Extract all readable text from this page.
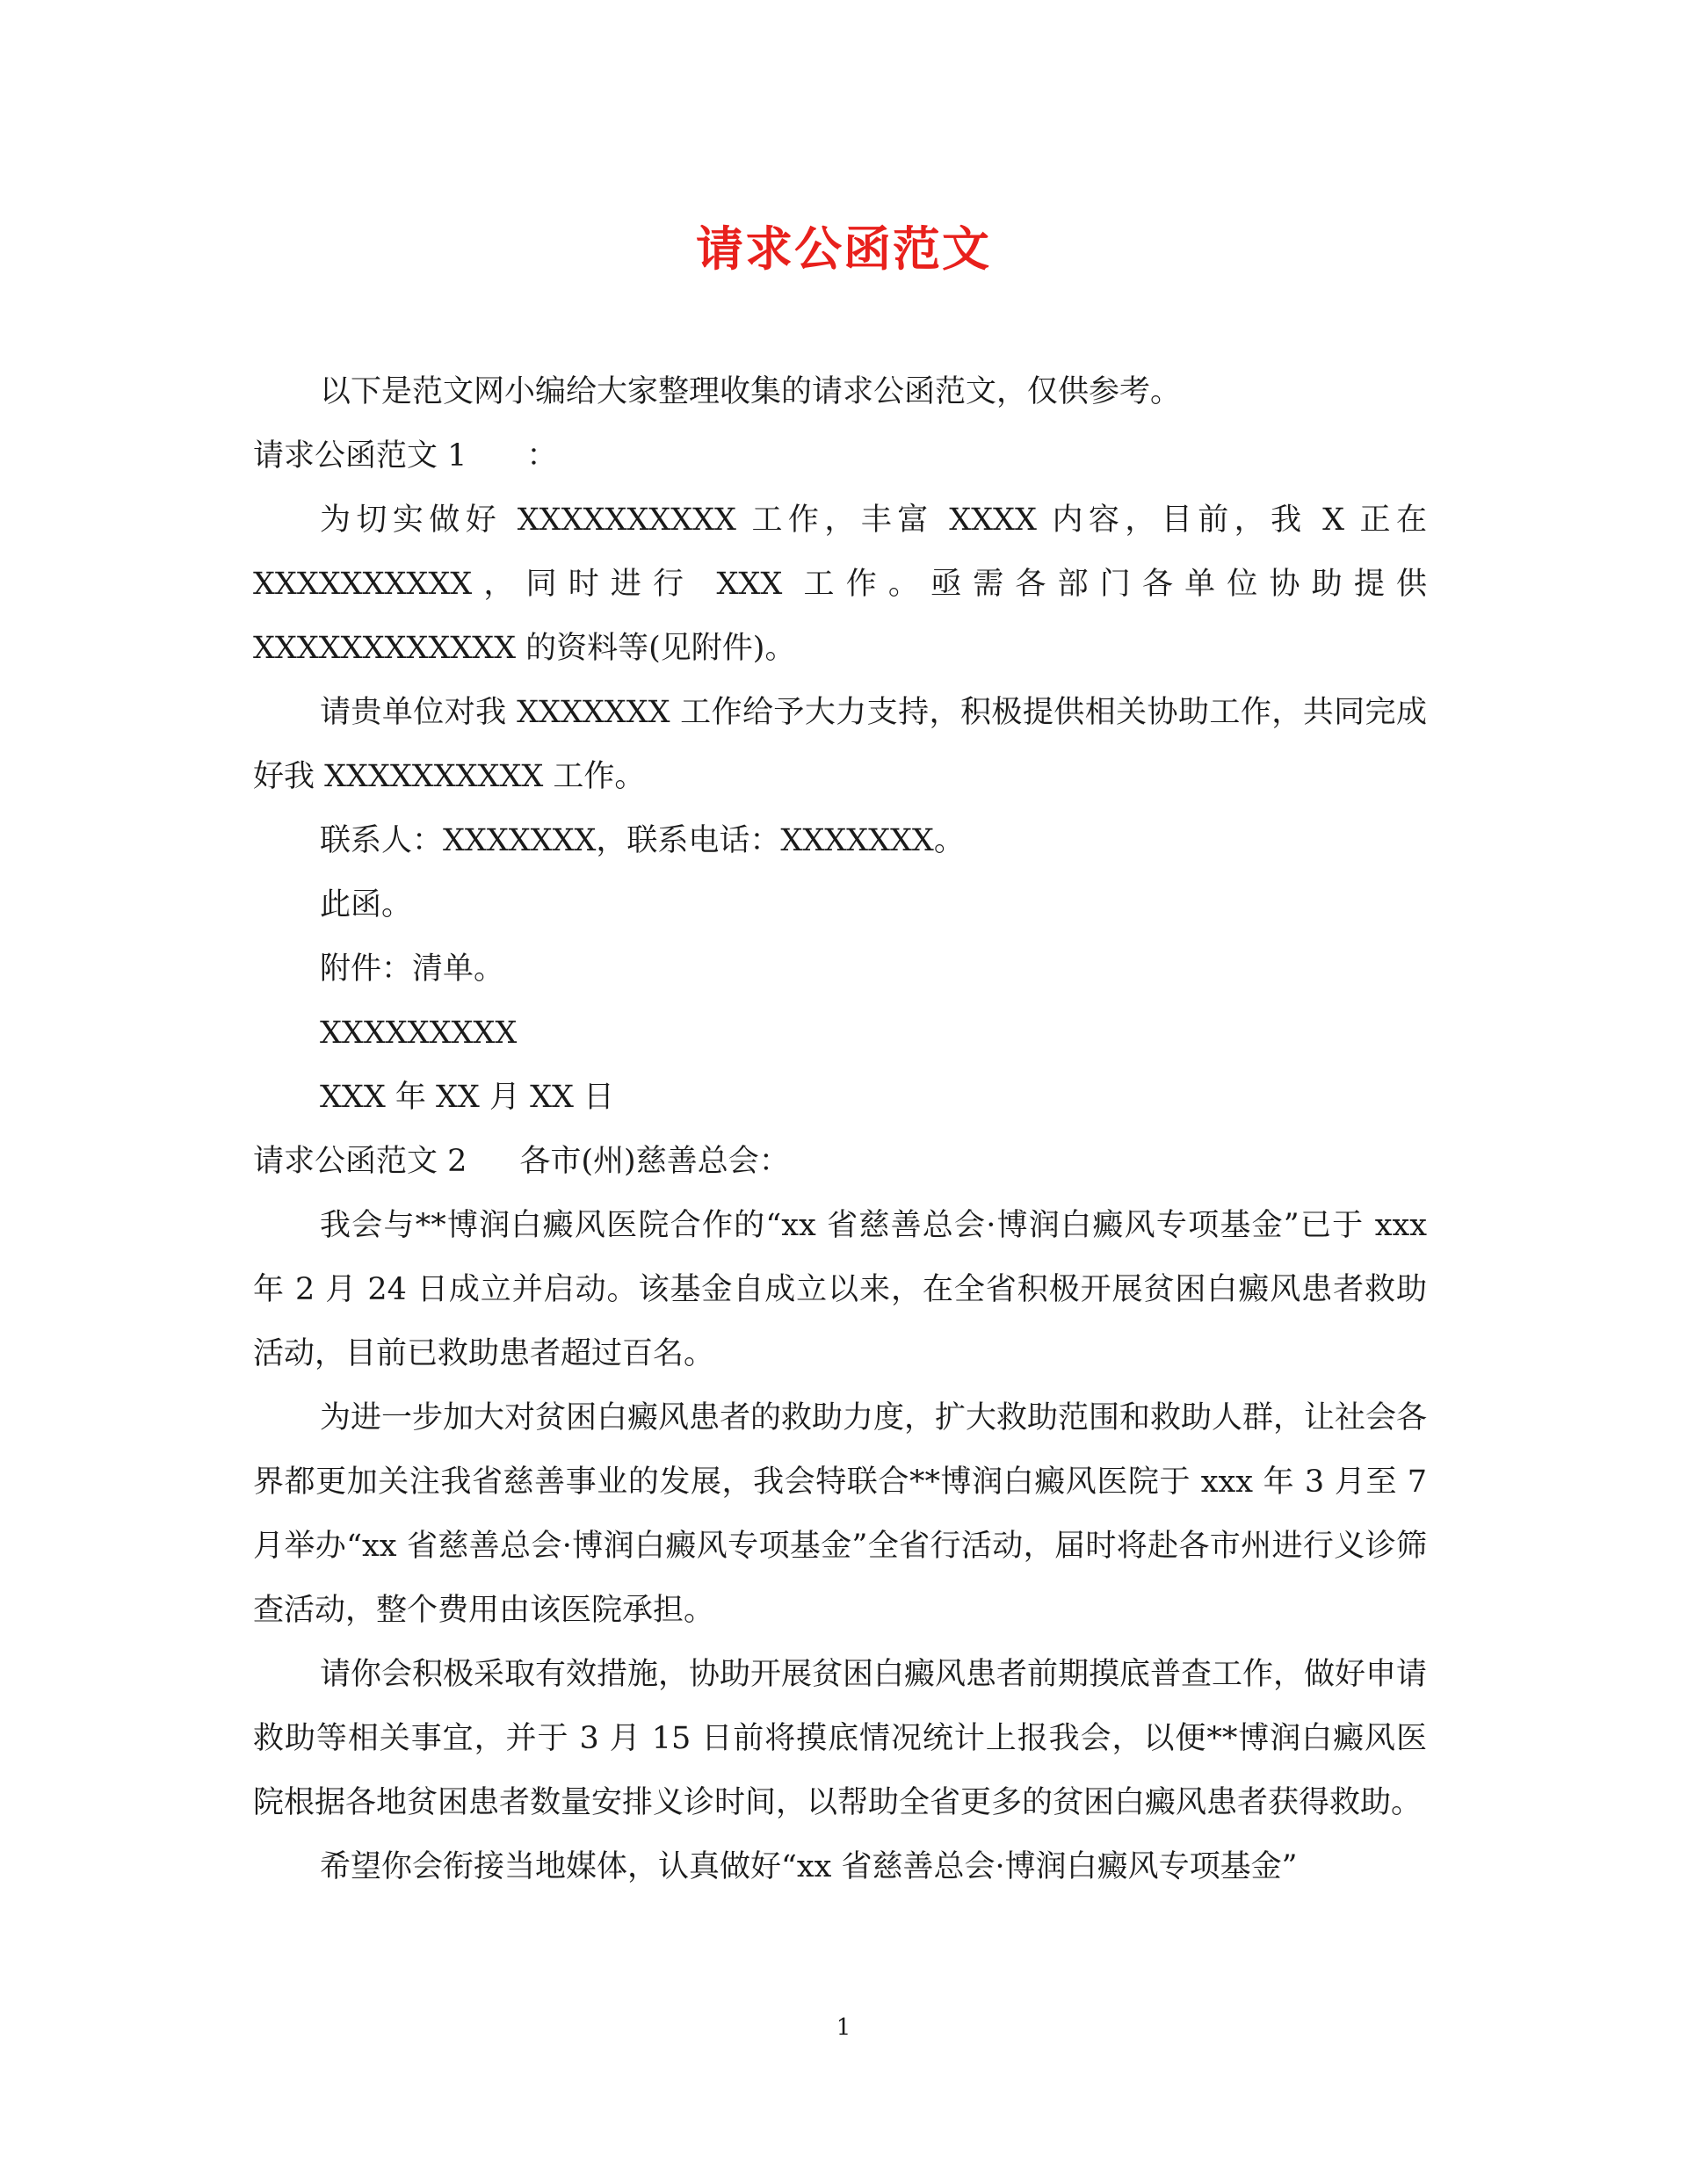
请求公函范文

以下是范文网小编给大家整理收集的请求公函范文，仅供参考。

请求公函范文 1 ：

为切实做好 XXXXXXXXXX 工作，丰富 XXXX 内容，目前，我 X 正在 XXXXXXXXXX，同时进行 XXX 工作。亟需各部门各单位协助提供 XXXXXXXXXXXX 的资料等(见附件)。

请贵单位对我 XXXXXXX 工作给予大力支持，积极提供相关协助工作，共同完成好我 XXXXXXXXXX 工作。

联系人：XXXXXXX，联系电话：XXXXXXX。

此函。

附件：清单。

XXXXXXXXX

XXX 年 XX 月 XX 日

请求公函范文 2 各市(州)慈善总会：

我会与**博润白癜风医院合作的“xx 省慈善总会·博润白癜风专项基金”已于 xxx 年 2 月 24 日成立并启动。该基金自成立以来，在全省积极开展贫困白癜风患者救助活动，目前已救助患者超过百名。

为进一步加大对贫困白癜风患者的救助力度，扩大救助范围和救助人群，让社会各界都更加关注我省慈善事业的发展，我会特联合**博润白癜风医院于 xxx 年 3 月至 7 月举办“xx 省慈善总会·博润白癜风专项基金”全省行活动，届时将赴各市州进行义诊筛查活动，整个费用由该医院承担。

请你会积极采取有效措施，协助开展贫困白癜风患者前期摸底普查工作，做好申请救助等相关事宜，并于 3 月 15 日前将摸底情况统计上报我会，以便**博润白癜风医院根据各地贫困患者数量安排义诊时间，以帮助全省更多的贫困白癜风患者获得救助。

希望你会衔接当地媒体，认真做好“xx 省慈善总会·博润白癜风专项基金”

1
